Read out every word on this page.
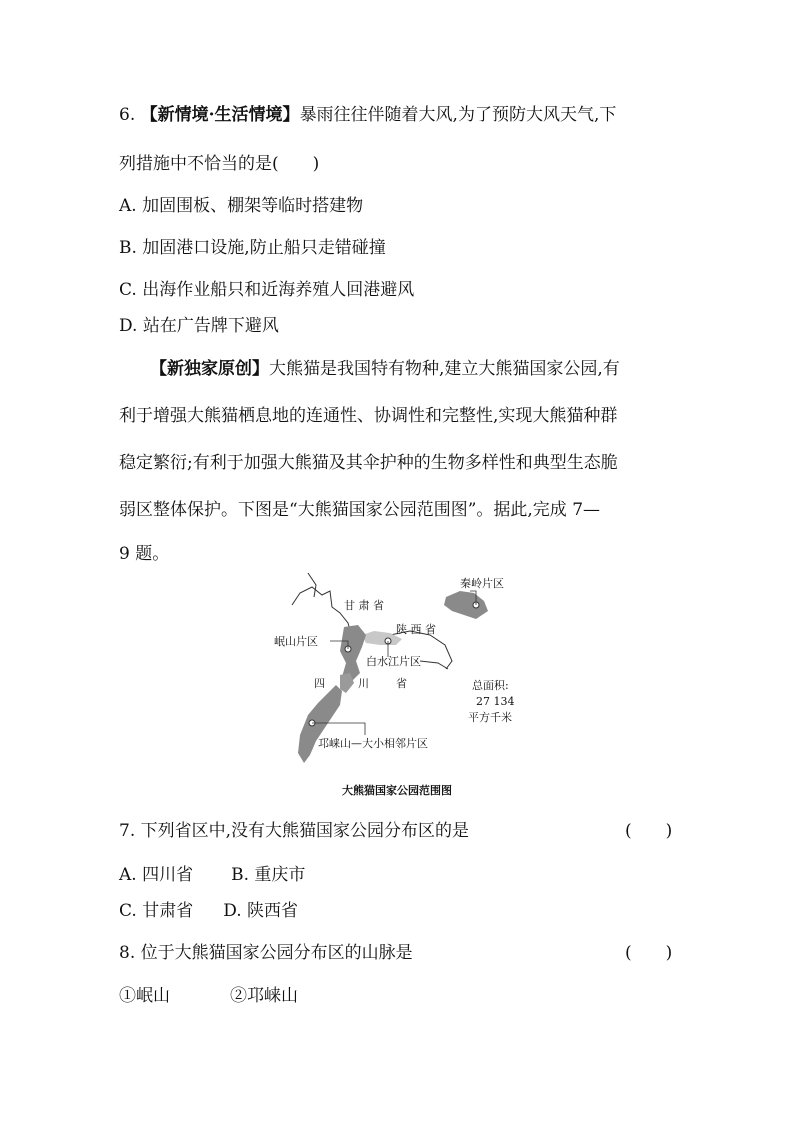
6. 【新情境·生活情境】暴雨往往伴随着大风,为了预防大风天气,下
列措施中不恰当的是(　　)
A. 加固围板、棚架等临时搭建物
B. 加固港口设施,防止船只走错碰撞
C. 出海作业船只和近海养殖人回港避风
D. 站在广告牌下避风
【新独家原创】大熊猫是我国特有物种,建立大熊猫国家公园,有
利于增强大熊猫栖息地的连通性、协调性和完整性,实现大熊猫种群
稳定繁衍;有利于加强大熊猫及其伞护种的生物多样性和典型生态脆
弱区整体保护。下图是“大熊猫国家公园范围图”。据此,完成 7—
9 题。
秦岭片区
甘 肃 省
陕 西 省
岷山片区
白水江片区
四	川 省	总面积:
27 134
平方千米
邛崃山—大小相邻片区
大熊猫国家公园范围图
7. 下列省区中,没有大熊猫国家公园分布区的是	(　　)
A. 四川省 B. 重庆市
C. 甘肃省 D. 陕西省
8. 位于大熊猫国家公园分布区的山脉是	(　　)
①岷山	②邛崃山
